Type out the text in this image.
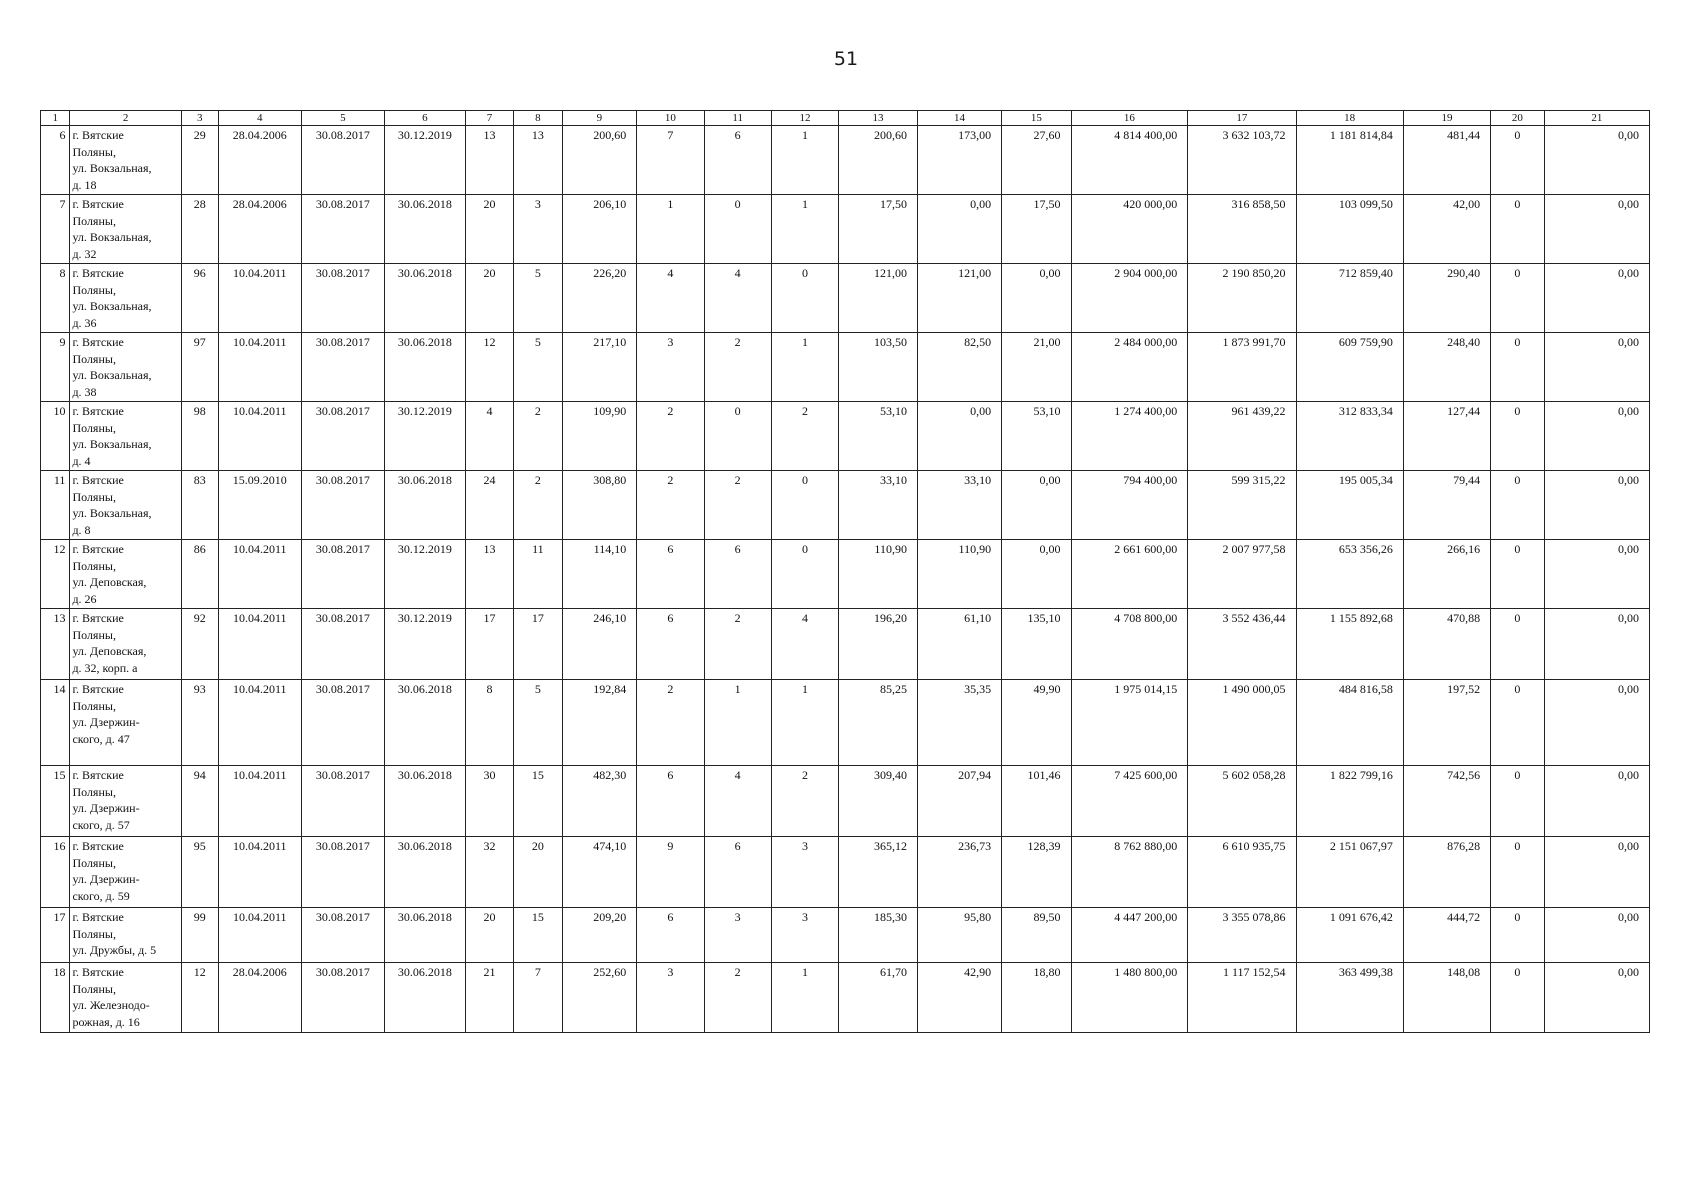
51
1	2	3	4	5	6	7	8	9	10	11	12	13	14	15	16	17	18	19	20	21
6	г. Вятские
Поляны,
ул. Вокзальная,
д. 18	29	28.04.2006	30.08.2017	30.12.2019	13	13	200,60	7	6	1	200,60	173,00	27,60	4 814 400,00	3 632 103,72	1 181 814,84	481,44	0	0,00
7	г. Вятские
Поляны,
ул. Вокзальная,
д. 32	28	28.04.2006	30.08.2017	30.06.2018	20	3	206,10	1	0	1	17,50	0,00	17,50	420 000,00	316 858,50	103 099,50	42,00	0	0,00
8	г. Вятские
Поляны,
ул. Вокзальная,
д. 36	96	10.04.2011	30.08.2017	30.06.2018	20	5	226,20	4	4	0	121,00	121,00	0,00	2 904 000,00	2 190 850,20	712 859,40	290,40	0	0,00
9	г. Вятские
Поляны,
ул. Вокзальная,
д. 38	97	10.04.2011	30.08.2017	30.06.2018	12	5	217,10	3	2	1	103,50	82,50	21,00	2 484 000,00	1 873 991,70	609 759,90	248,40	0	0,00
10	г. Вятские
Поляны,
ул. Вокзальная,
д. 4	98	10.04.2011	30.08.2017	30.12.2019	4	2	109,90	2	0	2	53,10	0,00	53,10	1 274 400,00	961 439,22	312 833,34	127,44	0	0,00
11	г. Вятские
Поляны,
ул. Вокзальная,
д. 8	83	15.09.2010	30.08.2017	30.06.2018	24	2	308,80	2	2	0	33,10	33,10	0,00	794 400,00	599 315,22	195 005,34	79,44	0	0,00
12	г. Вятские
Поляны,
ул. Деповская,
д. 26	86	10.04.2011	30.08.2017	30.12.2019	13	11	114,10	6	6	0	110,90	110,90	0,00	2 661 600,00	2 007 977,58	653 356,26	266,16	0	0,00
13	г. Вятские
Поляны,
ул. Деповская,
д. 32, корп. а	92	10.04.2011	30.08.2017	30.12.2019	17	17	246,10	6	2	4	196,20	61,10	135,10	4 708 800,00	3 552 436,44	1 155 892,68	470,88	0	0,00
14	г. Вятские
Поляны,
ул. Дзержин-
ского, д. 47	93	10.04.2011	30.08.2017	30.06.2018	8	5	192,84	2	1	1	85,25	35,35	49,90	1 975 014,15	1 490 000,05	484 816,58	197,52	0	0,00
15	г. Вятские
Поляны,
ул. Дзержин-
ского, д. 57	94	10.04.2011	30.08.2017	30.06.2018	30	15	482,30	6	4	2	309,40	207,94	101,46	7 425 600,00	5 602 058,28	1 822 799,16	742,56	0	0,00
16	г. Вятские
Поляны,
ул. Дзержин-
ского, д. 59	95	10.04.2011	30.08.2017	30.06.2018	32	20	474,10	9	6	3	365,12	236,73	128,39	8 762 880,00	6 610 935,75	2 151 067,97	876,28	0	0,00
17	г. Вятские
Поляны,
ул. Дружбы, д. 5	99	10.04.2011	30.08.2017	30.06.2018	20	15	209,20	6	3	3	185,30	95,80	89,50	4 447 200,00	3 355 078,86	1 091 676,42	444,72	0	0,00
18	г. Вятские
Поляны,
ул. Железнодо-
рожная, д. 16	12	28.04.2006	30.08.2017	30.06.2018	21	7	252,60	3	2	1	61,70	42,90	18,80	1 480 800,00	1 117 152,54	363 499,38	148,08	0	0,00
